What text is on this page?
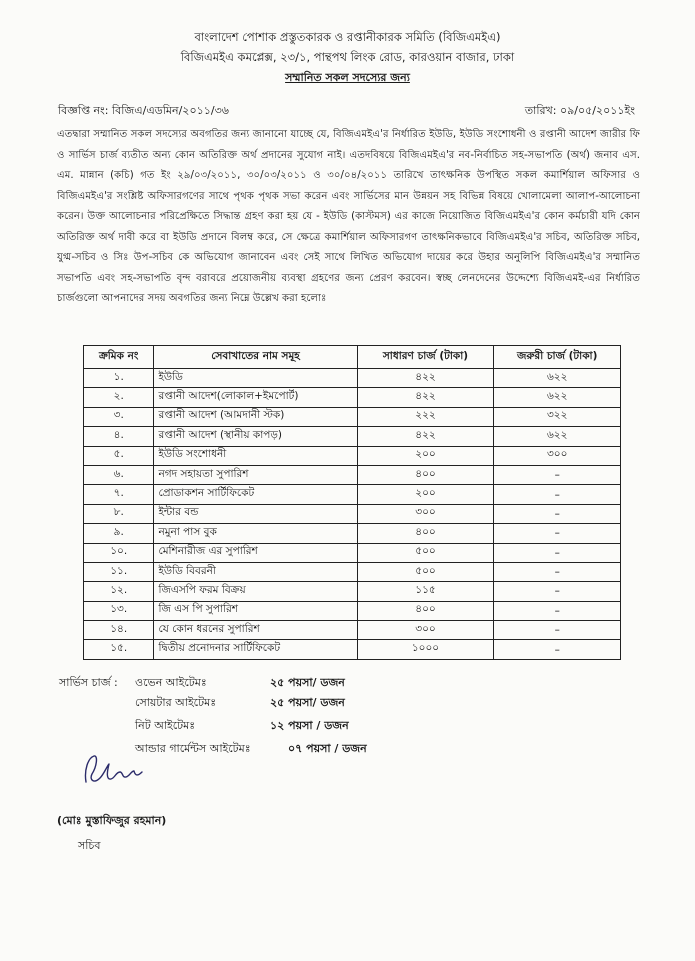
বাংলাদেশ পোশাক প্রস্তুতকারক ও রপ্তানীকারক সমিতি (বিজিএমইএ)
বিজিএমইএ কমপ্লেক্স, ২৩/১, পান্থপথ লিংক রোড, কারওয়ান বাজার, ঢাকা
সম্মানিত সকল সদস্যের জন্য
বিজ্ঞপ্তি নং: বিজিএ/এডমিন/২০১১/৩৬	তারিখ: ০৯/০৫/২০১১ইং
এতদ্বারা সম্মানিত সকল সদস্যের অবগতির জন্য জানানো যাচ্ছে যে, বিজিএমইএ'র নির্ধারিত ইউডি, ইউডি সংশোধনী ও রপ্তানী আদেশ জারীর ফি ও সার্ভিস চার্জ ব্যতীত অন্য কোন অতিরিক্ত অর্থ প্রদানের সুযোগ নাই। এতদবিষয়ে বিজিএমইএ'র নব-নির্বাচিত সহ-সভাপতি (অর্থ) জনাব এস. এম. মান্নান (কচি) গত ইং ২৯/০৩/২০১১, ৩০/০৩/২০১১ ও ৩০/০৪/২০১১ তারিখে তাৎক্ষনিক উপস্থিত সকল কমার্শিয়াল অফিসার ও বিজিএমইএ'র সংশ্লিষ্ট অফিসারগণের সাথে পৃথক পৃথক সভা করেন এবং সার্ভিসের মান উন্নয়ন সহ বিভিন্ন বিষয়ে খোলামেলা আলাপ-আলোচনা করেন। উক্ত আলোচনার পরিপ্রেক্ষিতে সিদ্ধান্ত গ্রহণ করা হয় যে - ইউডি (কাস্টমস) এর কাজে নিয়োজিত বিজিএমইএ'র কোন কর্মচারী যদি কোন অতিরিক্ত অর্থ দাবী করে বা ইউডি প্রদানে বিলম্ব করে, সে ক্ষেত্রে কমার্শিয়াল অফিসারগণ তাৎক্ষনিকভাবে বিজিএমইএ'র সচিব, অতিরিক্ত সচিব, যুগ্ম-সচিব ও সিঃ উপ-সচিব কে অভিযোগ জানাবেন এবং সেই সাথে লিখিত অভিযোগ দায়ের করে উহার অনুলিপি বিজিএমইএ'র সম্মানিত সভাপতি এবং সহ-সভাপতি বৃন্দ বরাবরে প্রয়োজনীয় ব্যবস্থা গ্রহণের জন্য প্রেরণ করবেন। স্বচ্ছ লেনদেনের উদ্দেশ্যে বিজিএমই-এর নির্ধারিত চার্জগুলো আপনাদের সদয় অবগতির জন্য নিম্নে উল্লেখ করা হলোঃ
ক্রমিক নং	সেবাখাতের নাম সমূহ	সাধারণ চার্জ (টাকা)	জরুরী চার্জ (টাকা)
১.	ইউডি	৪২২	৬২২
২.	রপ্তানী আদেশ(লোকাল+ইমপোর্ট)	৪২২	৬২২
৩.	রপ্তানী আদেশ (আমদানী স্টক)	২২২	৩২২
৪.	রপ্তানী আদেশ (স্থানীয় কাপড়)	৪২২	৬২২
৫.	ইউডি সংশোধনী	২০০	৩০০
৬.	নগদ সহায়তা সুপারিশ	৪০০	–
৭.	প্রোডাকশন সার্টিফিকেট	২০০	–
৮.	ইন্টার বন্ড	৩০০	–
৯.	নমুনা পাস বুক	৪০০	–
১০.	মেশিনারীজ এর সুপারিশ	৫০০	–
১১.	ইউডি বিবরনী	৫০০	–
১২.	জিএসপি ফরম বিক্রয়	১১৫	–
১৩.	জি এস পি সুপারিশ	৪০০	–
১৪.	যে কোন ধরনের সুপারিশ	৩০০	–
১৫.	দ্বিতীয় প্রনোদনার সার্টিফিকেট	১০০০	–
সার্ভিস চার্জ : ওভেন আইটেমঃ	২৫ পয়সা/ ডজন
সোয়টার আইটেমঃ	২৫ পয়সা/ ডজন
নিট আইটেমঃ	১২ পয়সা / ডজন
আন্ডার গার্মেন্টস আইটেমঃ	০৭ পয়সা / ডজন
(মোঃ মুস্তাফিজুর রহমান)
সচিব
